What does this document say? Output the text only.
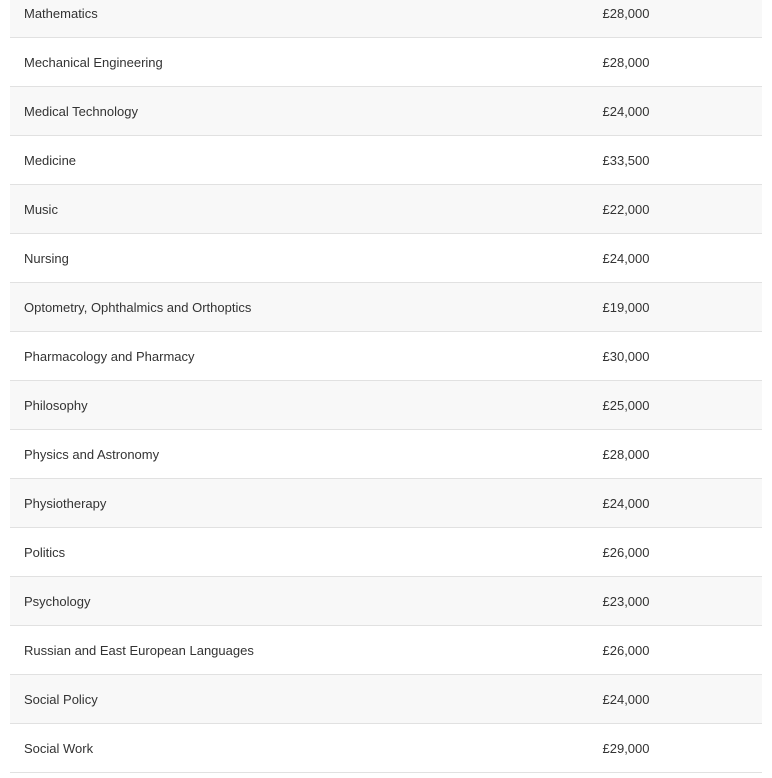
Mathematics	£28,000
Mechanical Engineering	£28,000
Medical Technology	£24,000
Medicine	£33,500
Music	£22,000
Nursing	£24,000
Optometry, Ophthalmics and Orthoptics	£19,000
Pharmacology and Pharmacy	£30,000
Philosophy	£25,000
Physics and Astronomy	£28,000
Physiotherapy	£24,000
Politics	£26,000
Psychology	£23,000
Russian and East European Languages	£26,000
Social Policy	£24,000
Social Work	£29,000
